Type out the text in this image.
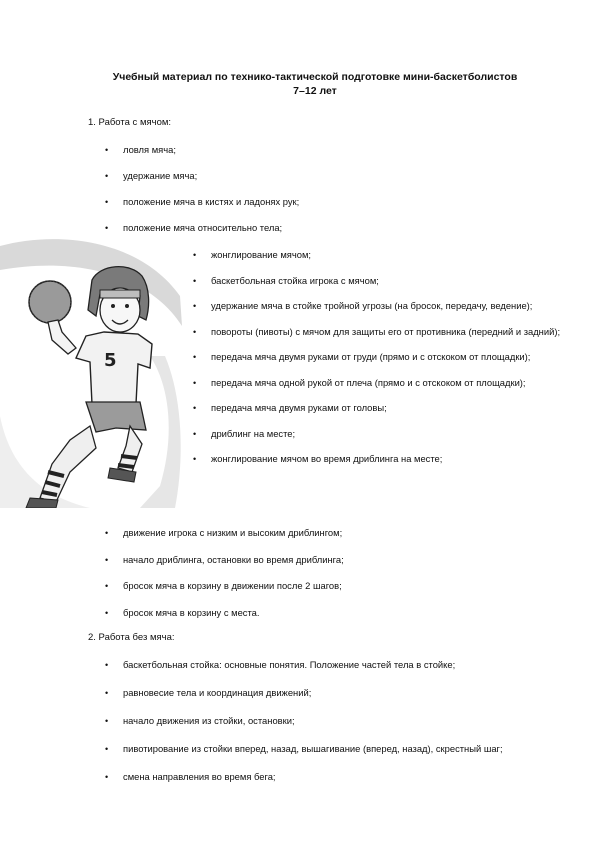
Учебный материал по технико-тактической подготовке мини-баскетболистов
7–12 лет
1. Работа с мячом:
• ловля мяча;
• удержание мяча;
• положение мяча в кистях и ладонях рук;
• положение мяча относительно тела;
5
• жонглирование мячом;
• баскетбольная стойка игрока с мячом;
• удержание мяча в стойке тройной угрозы (на бросок, передачу, ведение);
• повороты (пивоты) с мячом для защиты его от противника (передний и задний);
• передача мяча двумя руками от груди (прямо и с отскоком от площадки);
• передача мяча одной рукой от плеча (прямо и с отскоком от площадки);
• передача мяча двумя руками от головы;
• дриблинг на месте;
• жонглирование мячом во время дриблинга на месте;
• движение игрока с низким и высоким дриблингом;
• начало дриблинга, остановки во время дриблинга;
• бросок мяча в корзину в движении после 2 шагов;
• бросок мяча в корзину с места.
2. Работа без мяча:
• баскетбольная стойка: основные понятия. Положение частей тела в стойке;
• равновесие тела и координация движений;
• начало движения из стойки, остановки;
• пивотирование из стойки вперед, назад, вышагивание (вперед, назад), скрестный шаг;
• смена направления во время бега;
